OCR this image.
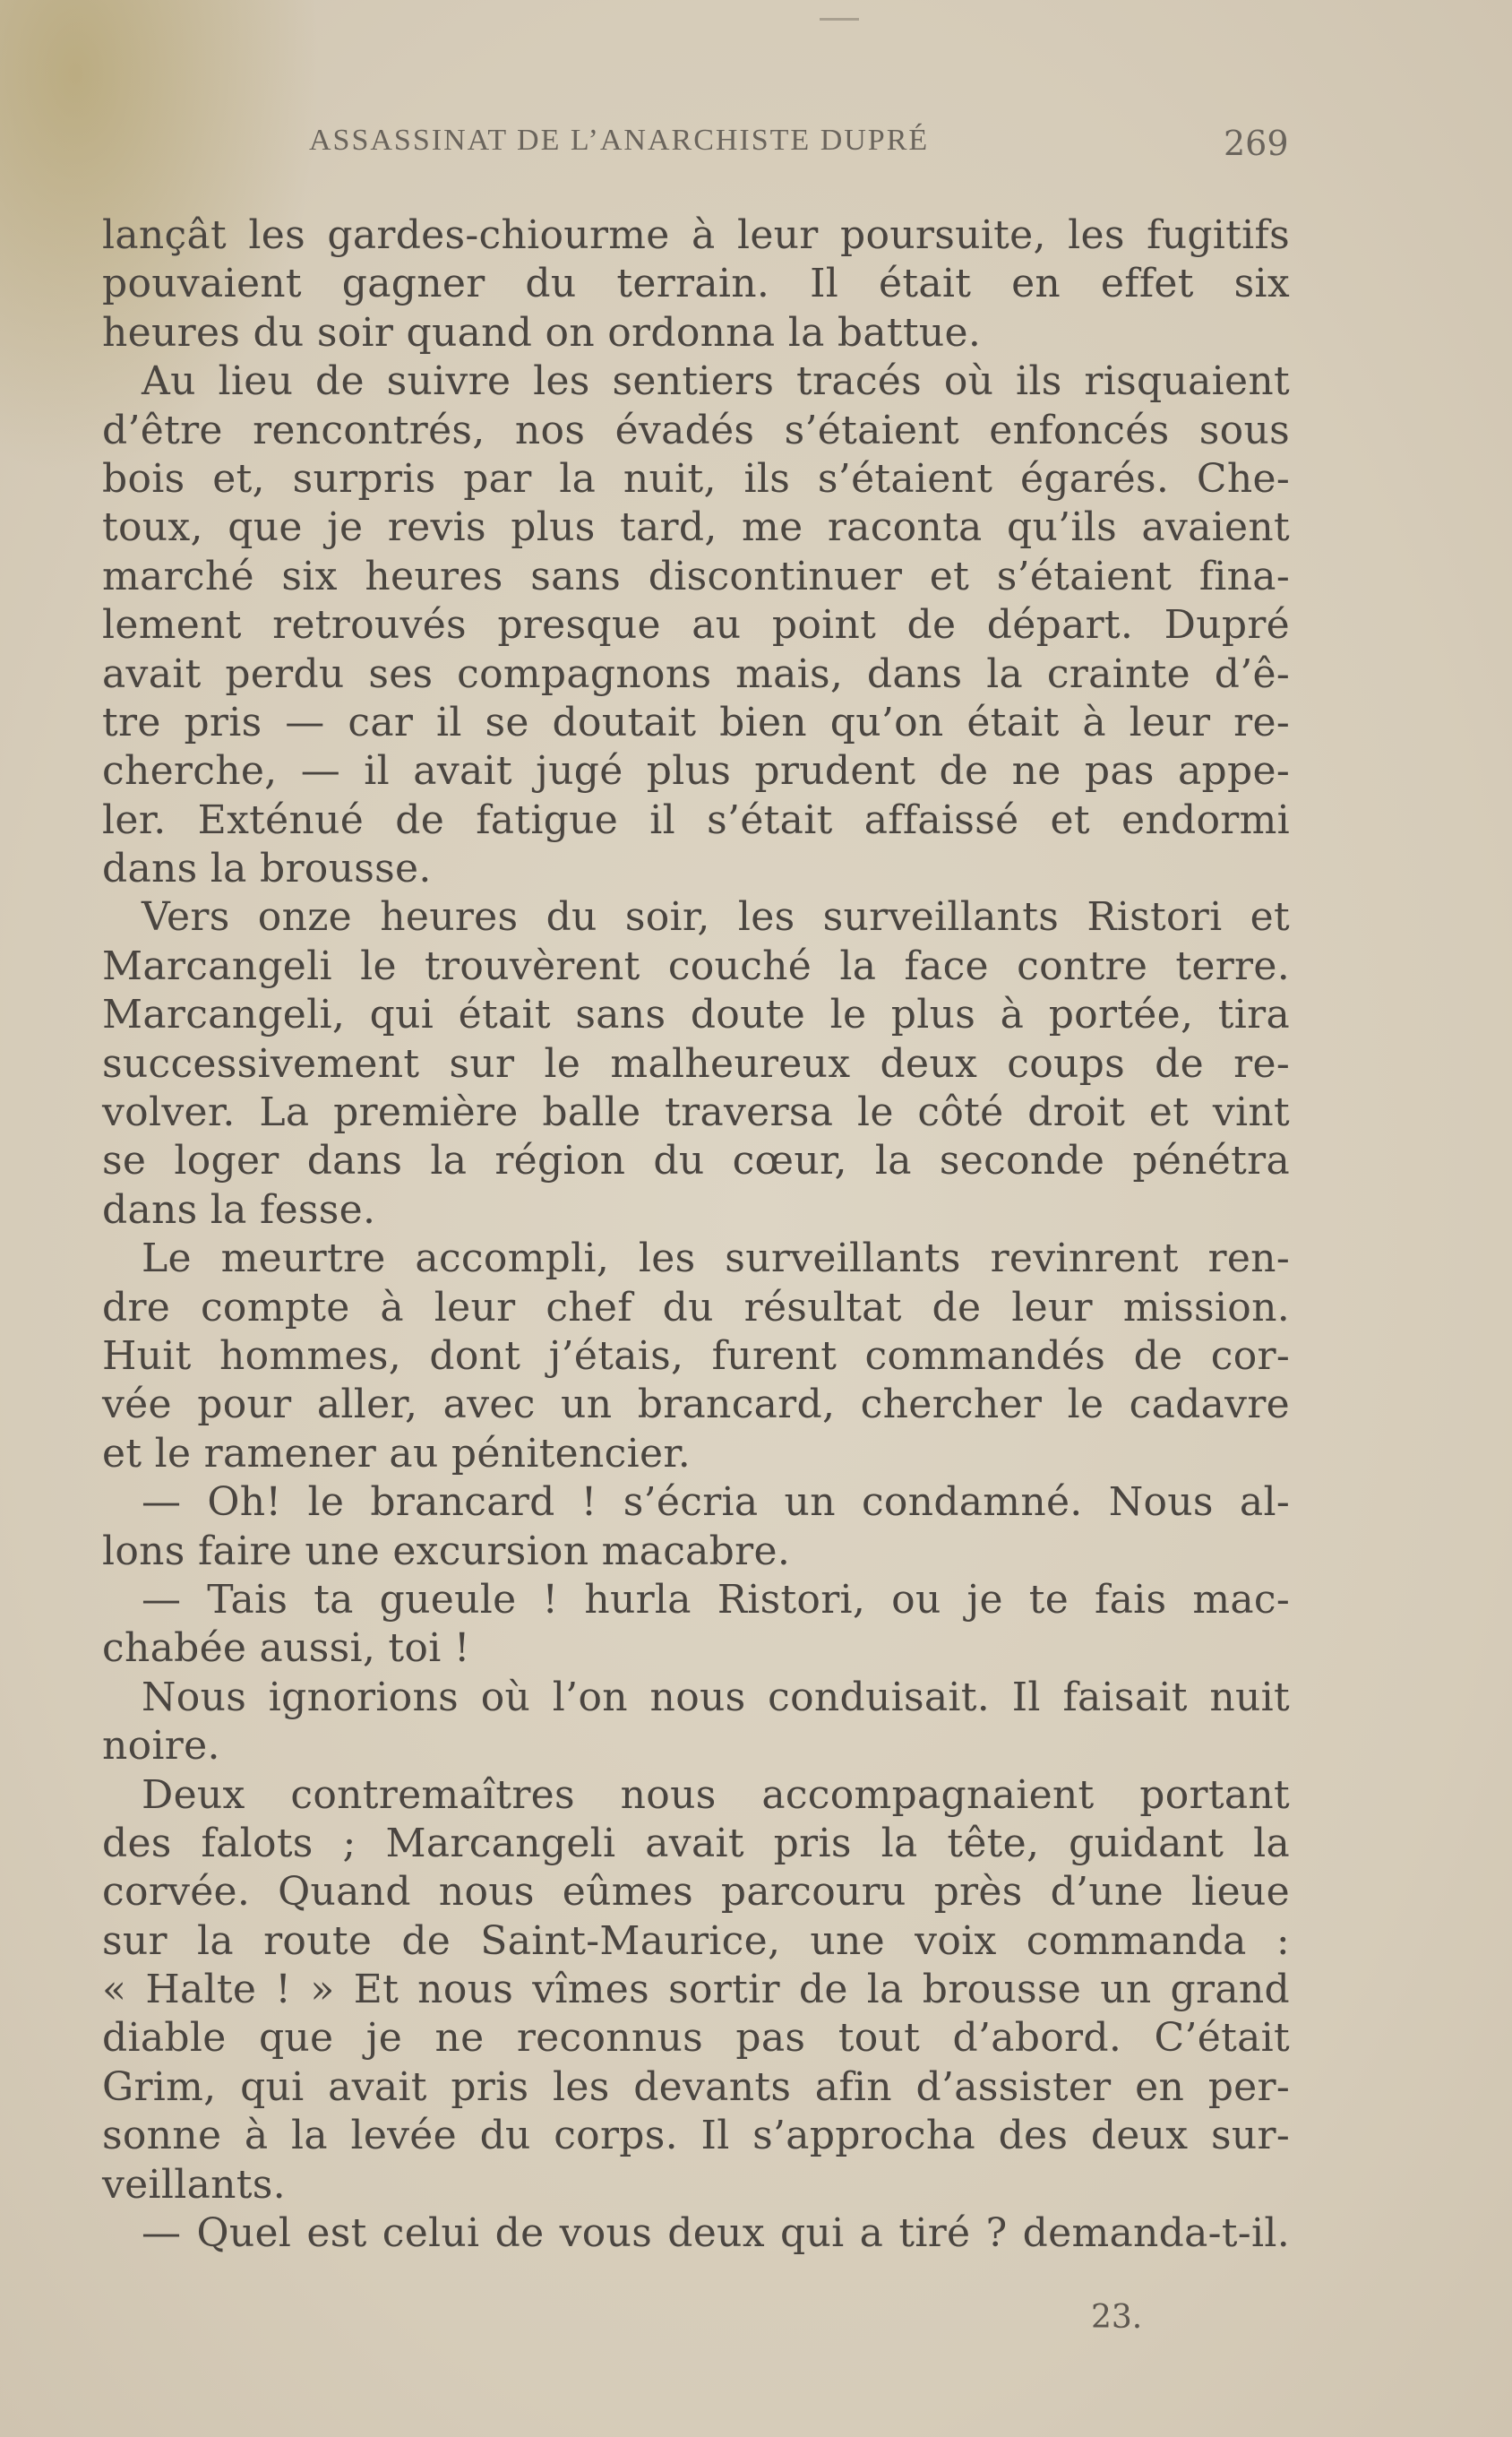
ASSASSINAT DE L’ANARCHISTE DUPRÉ	269
lançât les gardes-chiourme à leur poursuite, les fugitifs
pouvaient gagner du terrain. Il était en effet six
heures du soir quand on ordonna la battue.
Au lieu de suivre les sentiers tracés où ils risquaient
d’être rencontrés, nos évadés s’étaient enfoncés sous
bois et, surpris par la nuit, ils s’étaient égarés. Che-
toux, que je revis plus tard, me raconta qu’ils avaient
marché six heures sans discontinuer et s’étaient fina-
lement retrouvés presque au point de départ. Dupré
avait perdu ses compagnons mais, dans la crainte d’ê-
tre pris — car il se doutait bien qu’on était à leur re-
cherche, — il avait jugé plus prudent de ne pas appe-
ler. Exténué de fatigue il s’était affaissé et endormi
dans la brousse.
Vers onze heures du soir, les surveillants Ristori et
Marcangeli le trouvèrent couché la face contre terre.
Marcangeli, qui était sans doute le plus à portée, tira
successivement sur le malheureux deux coups de re-
volver. La première balle traversa le côté droit et vint
se loger dans la région du cœur, la seconde pénétra
dans la fesse.
Le meurtre accompli, les surveillants revinrent ren-
dre compte à leur chef du résultat de leur mission.
Huit hommes, dont j’étais, furent commandés de cor-
vée pour aller, avec un brancard, chercher le cadavre
et le ramener au pénitencier.
— Oh! le brancard ! s’écria un condamné. Nous al-
lons faire une excursion macabre.
— Tais ta gueule ! hurla Ristori, ou je te fais mac-
chabée aussi, toi !
Nous ignorions où l’on nous conduisait. Il faisait nuit
noire.
Deux contremaîtres nous accompagnaient portant
des falots ; Marcangeli avait pris la tête, guidant la
corvée. Quand nous eûmes parcouru près d’une lieue
sur la route de Saint-Maurice, une voix commanda :
« Halte ! » Et nous vîmes sortir de la brousse un grand
diable que je ne reconnus pas tout d’abord. C’était
Grim, qui avait pris les devants afin d’assister en per-
sonne à la levée du corps. Il s’approcha des deux sur-
veillants.
— Quel est celui de vous deux qui a tiré ? demanda-t-il.
23.
